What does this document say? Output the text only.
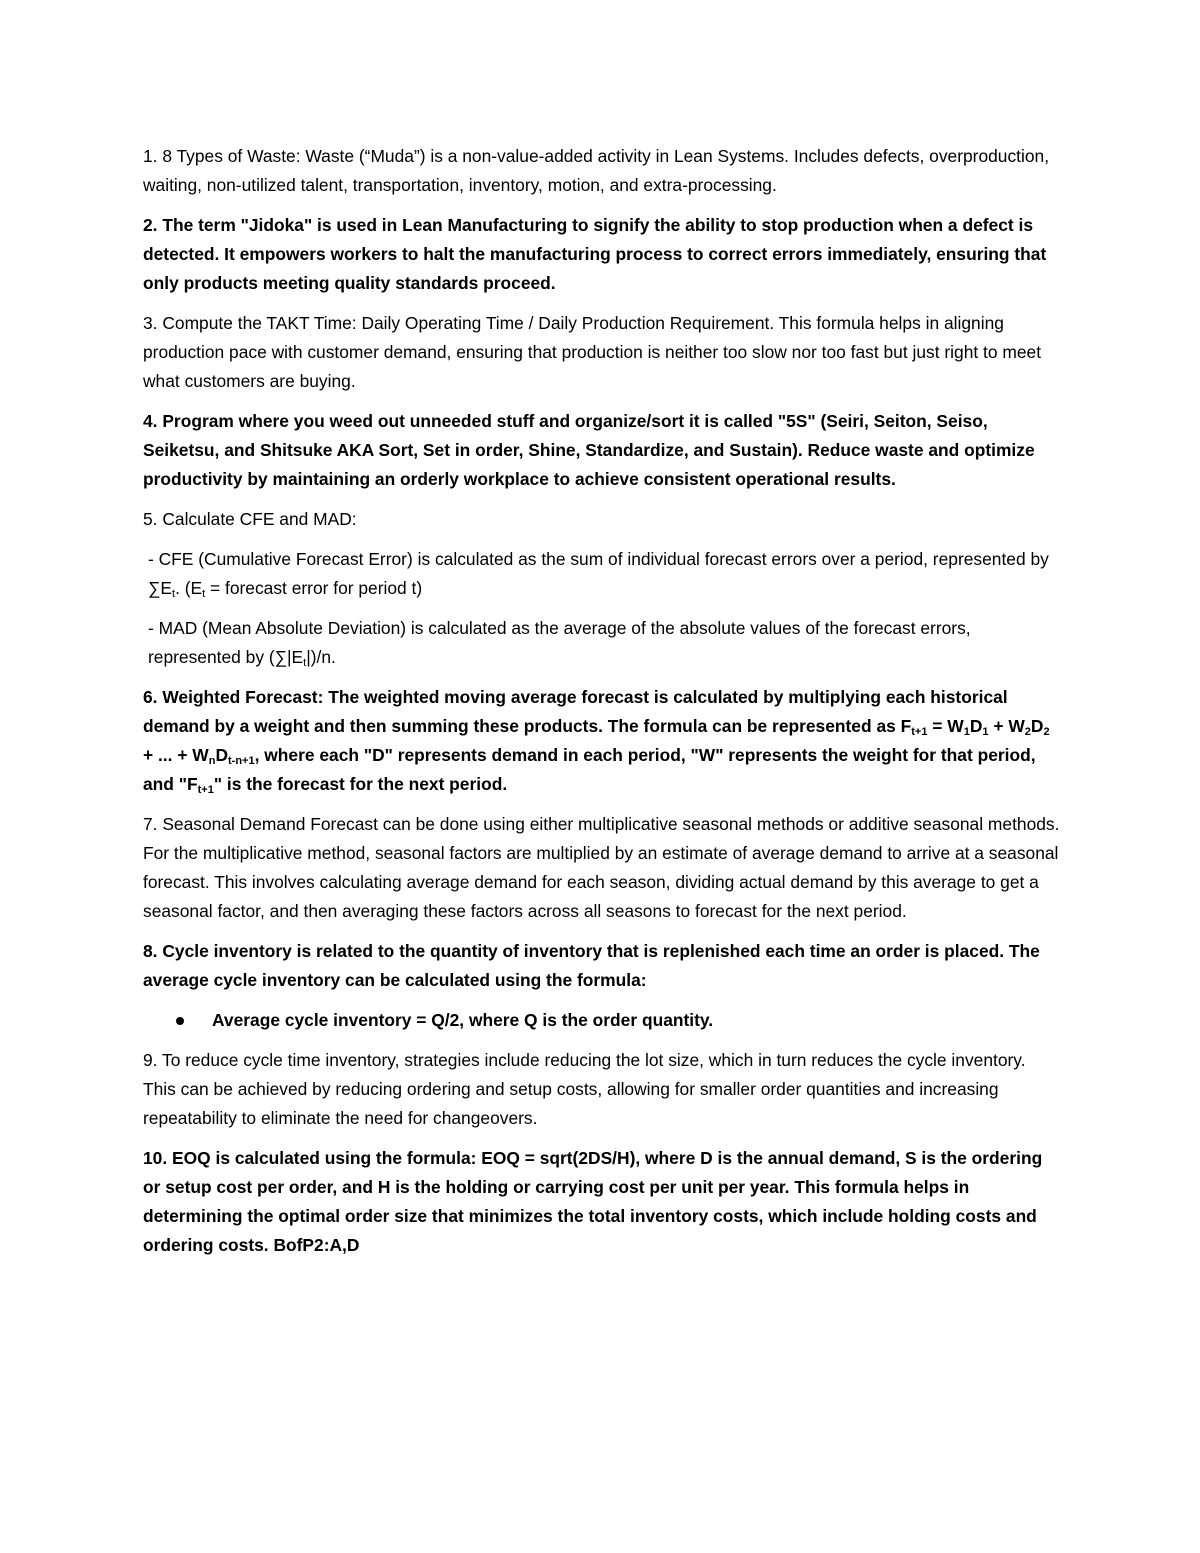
1. 8 Types of Waste: Waste (“Muda”) is a non-value-added activity in Lean Systems. Includes defects, overproduction, waiting, non-utilized talent, transportation, inventory, motion, and extra-processing.

2. The term "Jidoka" is used in Lean Manufacturing to signify the ability to stop production when a defect is detected. It empowers workers to halt the manufacturing process to correct errors immediately, ensuring that only products meeting quality standards proceed.

3. Compute the TAKT Time: Daily Operating Time / Daily Production Requirement. This formula helps in aligning production pace with customer demand, ensuring that production is neither too slow nor too fast but just right to meet what customers are buying.

4. Program where you weed out unneeded stuff and organize/sort it is called "5S" (Seiri, Seiton, Seiso, Seiketsu, and Shitsuke AKA Sort, Set in order, Shine, Standardize, and Sustain). Reduce waste and optimize productivity by maintaining an orderly workplace to achieve consistent operational results.

5. Calculate CFE and MAD:

- CFE (Cumulative Forecast Error) is calculated as the sum of individual forecast errors over a period, represented by $\sum E_t$. ($E_t$ = forecast error for period t)

- MAD (Mean Absolute Deviation) is calculated as the average of the absolute values of the forecast errors, represented by $(\sum|E_t|)/n$.

6. Weighted Forecast: The weighted moving average forecast is calculated by multiplying each historical demand by a weight and then summing these products. The formula can be represented as $F_{t+1} = W_1D_1 + W_2D_2$ + ... + $W_nD_{t-n+1}$, where each "D" represents demand in each period, "W" represents the weight for that period, and "$F_{t+1}$" is the forecast for the next period.

7. Seasonal Demand Forecast can be done using either multiplicative seasonal methods or additive seasonal methods. For the multiplicative method, seasonal factors are multiplied by an estimate of average demand to arrive at a seasonal forecast. This involves calculating average demand for each season, dividing actual demand by this average to get a seasonal factor, and then averaging these factors across all seasons to forecast for the next period.

8. Cycle inventory is related to the quantity of inventory that is replenished each time an order is placed. The average cycle inventory can be calculated using the formula:

Average cycle inventory = Q/2, where Q is the order quantity.

9. To reduce cycle time inventory, strategies include reducing the lot size, which in turn reduces the cycle inventory. This can be achieved by reducing ordering and setup costs, allowing for smaller order quantities and increasing repeatability to eliminate the need for changeovers.

10. EOQ is calculated using the formula: EOQ = sqrt(2DS/H), where D is the annual demand, S is the ordering or setup cost per order, and H is the holding or carrying cost per unit per year. This formula helps in determining the optimal order size that minimizes the total inventory costs, which include holding costs and ordering costs. BofP2:A,D
